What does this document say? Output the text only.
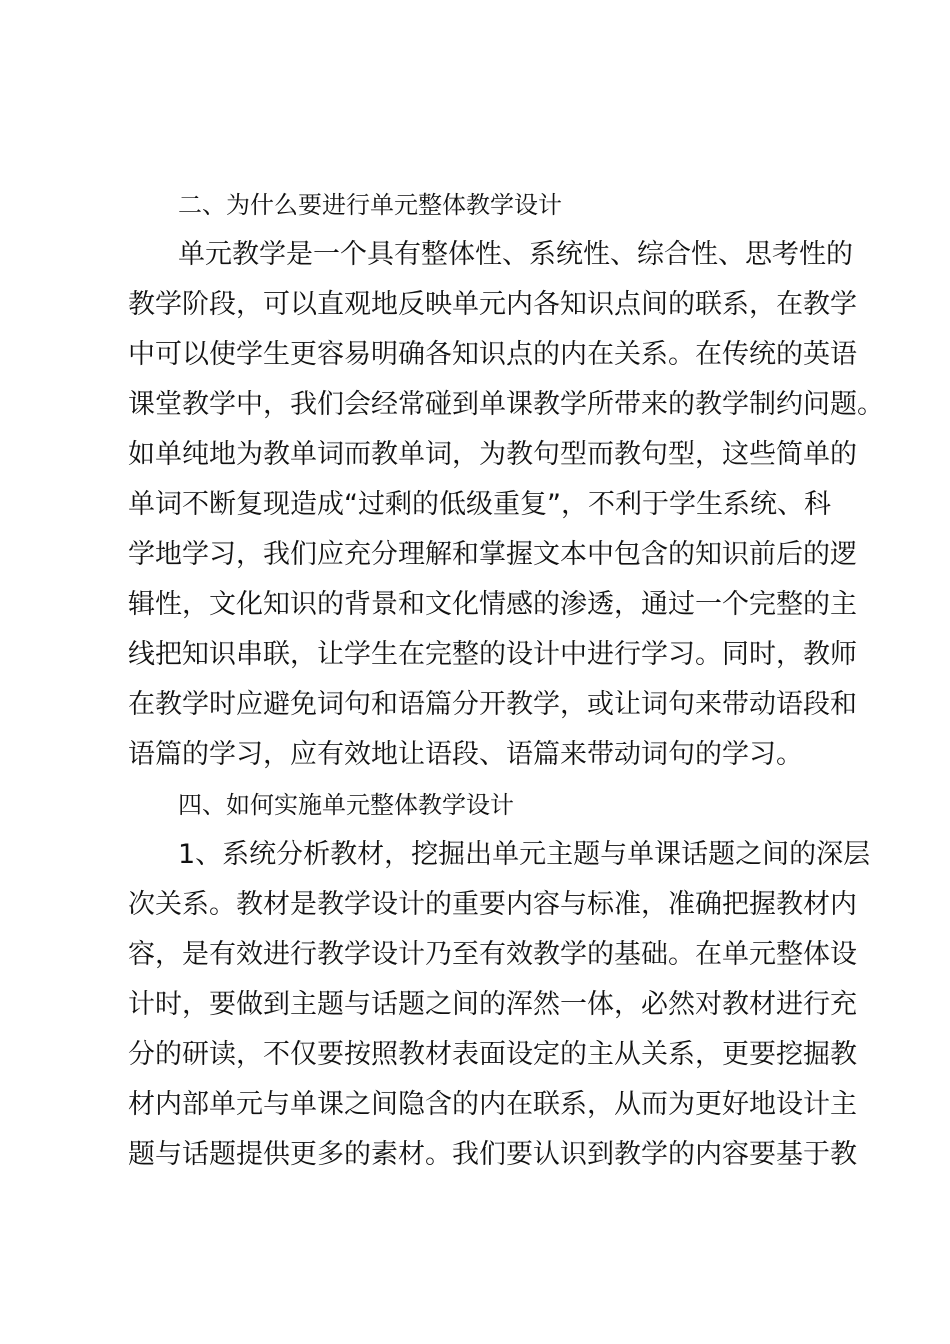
二、为什么要进行单元整体教学设计
单元教学是一个具有整体性、系统性、综合性、思考性的
教学阶段，可以直观地反映单元内各知识点间的联系，在教学
中可以使学生更容易明确各知识点的内在关系。在传统的英语
课堂教学中，我们会经常碰到单课教学所带来的教学制约问题。
如单纯地为教单词而教单词，为教句型而教句型，这些简单的
单词不断复现造成“过剩的低级重复”，不利于学生系统、科
学地学习，我们应充分理解和掌握文本中包含的知识前后的逻
辑性，文化知识的背景和文化情感的渗透，通过一个完整的主
线把知识串联，让学生在完整的设计中进行学习。同时，教师
在教学时应避免词句和语篇分开教学，或让词句来带动语段和
语篇的学习，应有效地让语段、语篇来带动词句的学习。
四、如何实施单元整体教学设计
1、系统分析教材，挖掘出单元主题与单课话题之间的深层
次关系。教材是教学设计的重要内容与标准，准确把握教材内
容，是有效进行教学设计乃至有效教学的基础。在单元整体设
计时，要做到主题与话题之间的浑然一体，必然对教材进行充
分的研读，不仅要按照教材表面设定的主从关系，更要挖掘教
材内部单元与单课之间隐含的内在联系，从而为更好地设计主
题与话题提供更多的素材。我们要认识到教学的内容要基于教
